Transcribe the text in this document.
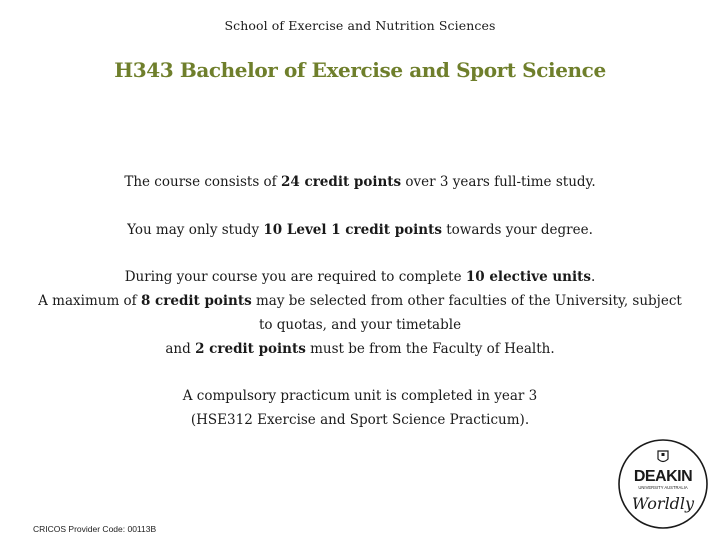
School of Exercise and Nutrition Sciences
H343 Bachelor of Exercise and Sport Science
The course consists of 24 credit points over 3 years full-time study.
You may only study 10 Level 1 credit points towards your degree.
During your course you are required to complete 10 elective units.
A maximum of 8 credit points may be selected from other faculties of the University, subject to quotas, and your timetable
and 2 credit points must be from the Faculty of Health.
A compulsory practicum unit is completed in year 3
(HSE312 Exercise and Sport Science Practicum).
CRICOS Provider Code: 00113B
DEAKIN
UNIVERSITY AUSTRALIA
Worldly
